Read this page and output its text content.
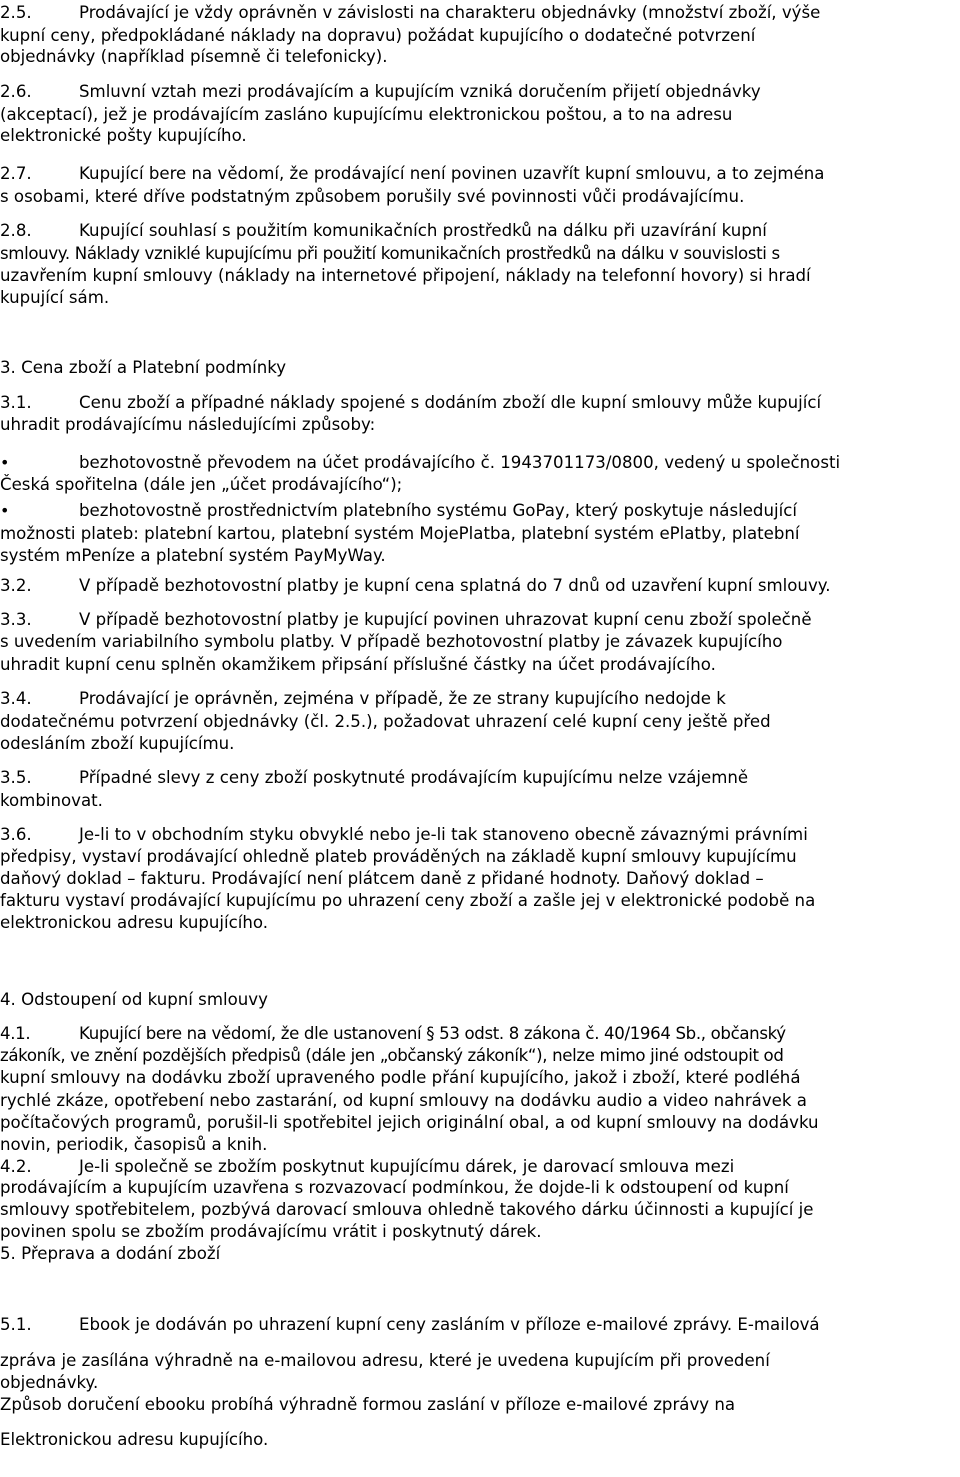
2.5.	Prodávající je vždy oprávněn v závislosti na charakteru objednávky (množství zboží, výše

kupní ceny, předpokládané náklady na dopravu) požádat kupujícího o dodatečné potvrzení

objednávky (například písemně či telefonicky).

2.6.	Smluvní vztah mezi prodávajícím a kupujícím vzniká doručením přijetí objednávky

(akceptací), jež je prodávajícím zasláno kupujícímu elektronickou poštou, a to na adresu

elektronické pošty kupujícího.

2.7.	Kupující bere na vědomí, že prodávající není povinen uzavřít kupní smlouvu, a to zejména

s osobami, které dříve podstatným způsobem porušily své povinnosti vůči prodávajícímu.

2.8.	Kupující souhlasí s použitím komunikačních prostředků na dálku při uzavírání kupní

smlouvy. Náklady vzniklé kupujícímu při použití komunikačních prostředků na dálku v souvislosti s

uzavřením kupní smlouvy (náklady na internetové připojení, náklady na telefonní hovory) si hradí

kupující sám.

3. Cena zboží a Platební podmínky

3.1.	Cenu zboží a případné náklady spojené s dodáním zboží dle kupní smlouvy může kupující

uhradit prodávajícímu následujícími způsoby:

•	bezhotovostně převodem na účet prodávajícího č. 1943701173/0800, vedený u společnosti

Česká spořitelna (dále jen „účet prodávajícího“);

•	bezhotovostně prostřednictvím platebního systému GoPay, který poskytuje následující

možnosti plateb: platební kartou, platební systém MojePlatba, platební systém ePlatby, platební

systém mPeníze a platební systém PayMyWay.

3.2.	V případě bezhotovostní platby je kupní cena splatná do 7 dnů od uzavření kupní smlouvy.

3.3.	V případě bezhotovostní platby je kupující povinen uhrazovat kupní cenu zboží společně

s uvedením variabilního symbolu platby. V případě bezhotovostní platby je závazek kupujícího

uhradit kupní cenu splněn okamžikem připsání příslušné částky na účet prodávajícího.

3.4.	Prodávající je oprávněn, zejména v případě, že ze strany kupujícího nedojde k

dodatečnému potvrzení objednávky (čl. 2.5.), požadovat uhrazení celé kupní ceny ještě před

odesláním zboží kupujícímu.

3.5.	Případné slevy z ceny zboží poskytnuté prodávajícím kupujícímu nelze vzájemně

kombinovat.

3.6.	Je-li to v obchodním styku obvyklé nebo je-li tak stanoveno obecně závaznými právními

předpisy, vystaví prodávající ohledně plateb prováděných na základě kupní smlouvy kupujícímu

daňový doklad – fakturu. Prodávající není plátcem daně z přidané hodnoty. Daňový doklad –

fakturu vystaví prodávající kupujícímu po uhrazení ceny zboží a zašle jej v elektronické podobě na

elektronickou adresu kupujícího.

4. Odstoupení od kupní smlouvy

4.1.	Kupující bere na vědomí, že dle ustanovení § 53 odst. 8 zákona č. 40/1964 Sb., občanský

zákoník, ve znění pozdějších předpisů (dále jen „občanský zákoník“), nelze mimo jiné odstoupit od

kupní smlouvy na dodávku zboží upraveného podle přání kupujícího, jakož i zboží, které podléhá

rychlé zkáze, opotřebení nebo zastarání, od kupní smlouvy na dodávku audio a video nahrávek a

počítačových programů, porušil-li spotřebitel jejich originální obal, a od kupní smlouvy na dodávku

novin, periodik, časopisů a knih.

4.2.	Je-li společně se zbožím poskytnut kupujícímu dárek, je darovací smlouva mezi

prodávajícím a kupujícím uzavřena s rozvazovací podmínkou, že dojde-li k odstoupení od kupní

smlouvy spotřebitelem, pozbývá darovací smlouva ohledně takového dárku účinnosti a kupující je

povinen spolu se zbožím prodávajícímu vrátit i poskytnutý dárek.

5. Přeprava a dodání zboží

5.1.	Ebook je dodáván po uhrazení kupní ceny zasláním v příloze e-mailové zprávy. E-mailová

zpráva je zasílána výhradně na e-mailovou adresu, které je uvedena kupujícím při provedení

objednávky.

Způsob doručení ebooku probíhá výhradně formou zaslání v příloze e-mailové zprávy na

Elektronickou adresu kupujícího.
